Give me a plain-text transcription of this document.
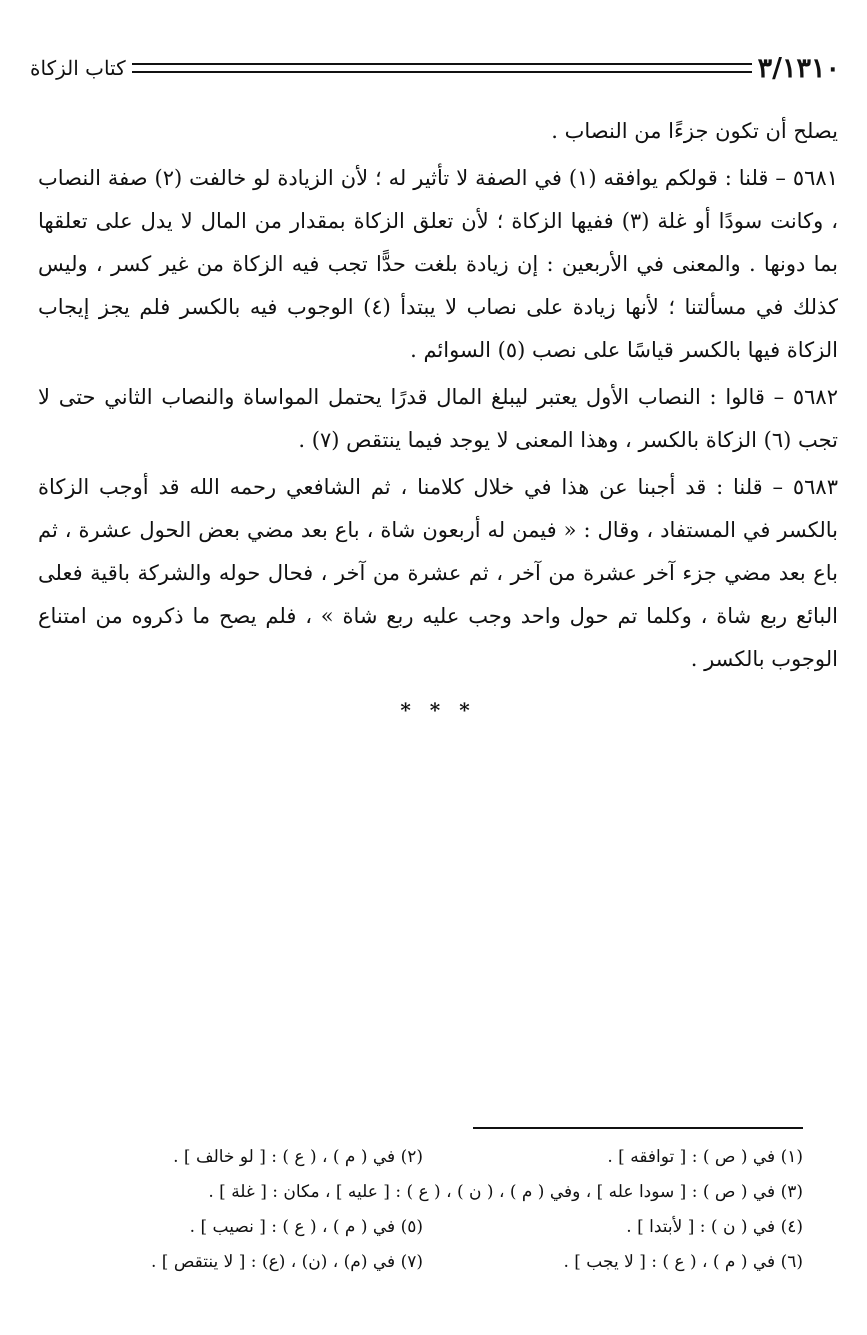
٣/١٣١٠
كتاب الزكاة

يصلح أن تكون جزءًا من النصاب .

٥٦٨١ – قلنا : قولكم يوافقه (١) في الصفة لا تأثير له ؛ لأن الزيادة لو خالفت (٢) صفة النصاب ، وكانت سودًا أو غلة (٣) ففيها الزكاة ؛ لأن تعلق الزكاة بمقدار من المال لا يدل على تعلقها بما دونها . والمعنى في الأربعين : إن زيادة بلغت حدًّا تجب فيه الزكاة من غير كسر ، وليس كذلك في مسألتنا ؛ لأنها زيادة على نصاب لا يبتدأ (٤) الوجوب فيه بالكسر فلم يجز إيجاب الزكاة فيها بالكسر قياسًا على نصب (٥) السوائم .

٥٦٨٢ – قالوا : النصاب الأول يعتبر ليبلغ المال قدرًا يحتمل المواساة والنصاب الثاني حتى لا تجب (٦) الزكاة بالكسر ، وهذا المعنى لا يوجد فيما ينتقص (٧) .

٥٦٨٣ – قلنا : قد أجبنا عن هذا في خلال كلامنا ، ثم الشافعي رحمه الله قد أوجب الزكاة بالكسر في المستفاد ، وقال : « فيمن له أربعون شاة ، باع بعد مضي بعض الحول عشرة ، ثم باع بعد مضي جزء آخر عشرة من آخر ، ثم عشرة من آخر ، فحال حوله والشركة باقية فعلى البائع ربع شاة ، وكلما تم حول واحد وجب عليه ربع شاة » ، فلم يصح ما ذكروه من امتناع الوجوب بالكسر .

* * *
(١) في ( ص ) : [ توافقه ] .
(٢) في ( م ) ، ( ع ) : [ لو خالف ] .
(٣) في ( ص ) : [ سودا عله ] ، وفي ( م ) ، ( ن ) ، ( ع ) : [ عليه ] ، مكان : [ غلة ] .
(٤) في ( ن ) : [ لأبتدا ] .
(٥) في ( م ) ، ( ع ) : [ نصيب ] .
(٦) في ( م ) ، ( ع ) : [ لا يجب ] .
(٧) في (م) ، (ن) ، (ع) : [ لا ينتقص ] .
